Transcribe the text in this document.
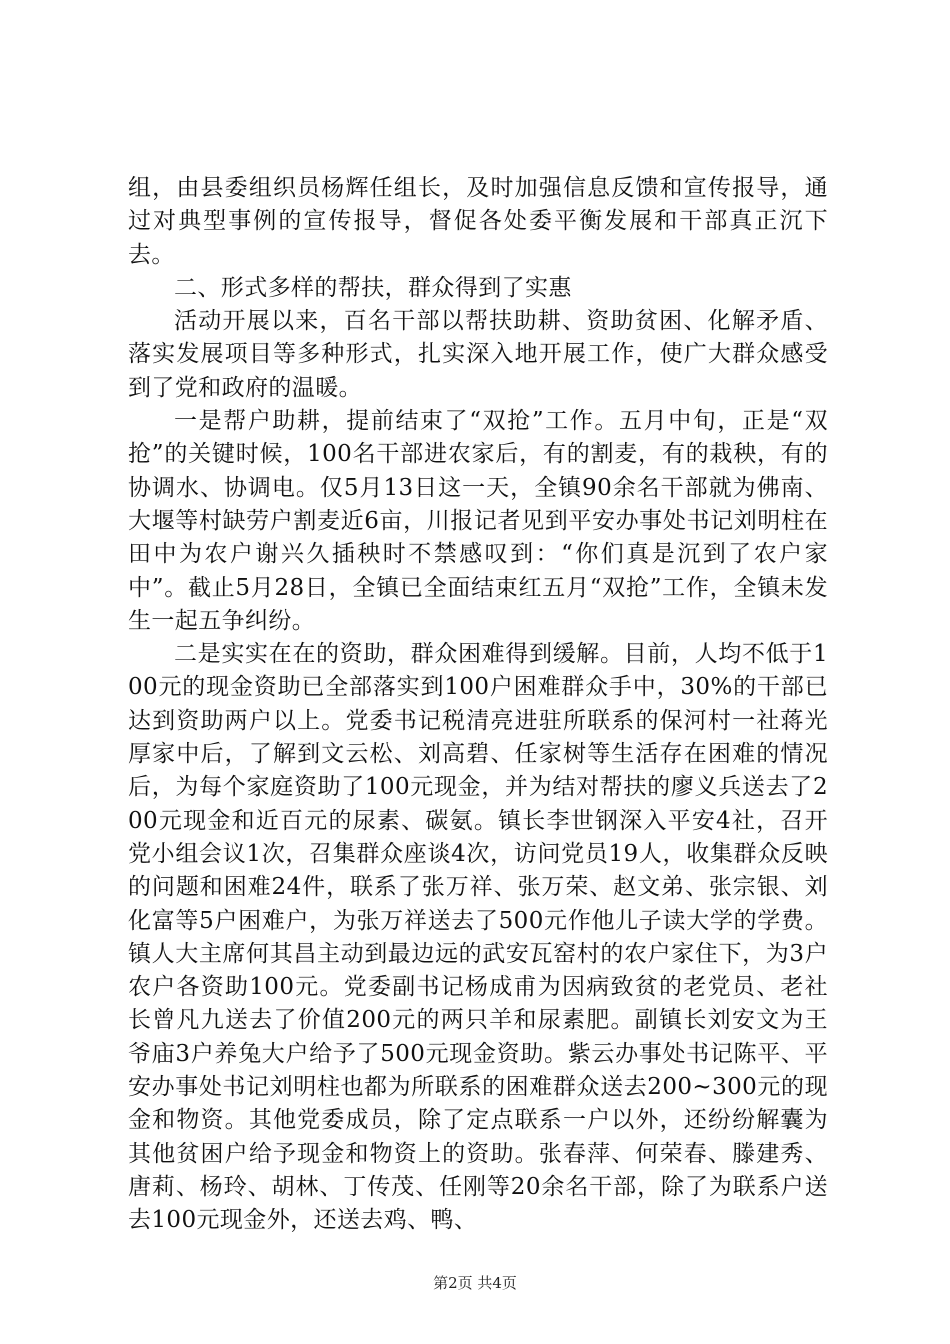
组，由县委组织员杨辉任组长，及时加强信息反馈和宣传报导，通过对典型事例的宣传报导，督促各处委平衡发展和干部真正沉下去。

二、形式多样的帮扶，群众得到了实惠

活动开展以来，百名干部以帮扶助耕、资助贫困、化解矛盾、落实发展项目等多种形式，扎实深入地开展工作，使广大群众感受到了党和政府的温暖。

一是帮户助耕，提前结束了“双抢”工作。五月中旬，正是“双抢”的关键时候，100名干部进农家后，有的割麦，有的栽秧，有的协调水、协调电。仅5月13日这一天，全镇90余名干部就为佛南、大堰等村缺劳户割麦近6亩，川报记者见到平安办事处书记刘明柱在田中为农户谢兴久插秧时不禁感叹到：“你们真是沉到了农户家中”。截止5月28日，全镇已全面结束红五月“双抢”工作，全镇未发生一起五争纠纷。

二是实实在在的资助，群众困难得到缓解。目前，人均不低于100元的现金资助已全部落实到100户困难群众手中，30%的干部已达到资助两户以上。党委书记税清亮进驻所联系的保河村一社蒋光厚家中后，了解到文云松、刘高碧、任家树等生活存在困难的情况后，为每个家庭资助了100元现金，并为结对帮扶的廖义兵送去了200元现金和近百元的尿素、碳氨。镇长李世钢深入平安4社，召开党小组会议1次，召集群众座谈4次，访问党员19人，收集群众反映的问题和困难24件，联系了张万祥、张万荣、赵文弟、张宗银、刘化富等5户困难户，为张万祥送去了500元作他儿子读大学的学费。镇人大主席何其昌主动到最边远的武安瓦窑村的农户家住下，为3户农户各资助100元。党委副书记杨成甫为因病致贫的老党员、老社长曾凡九送去了价值200元的两只羊和尿素肥。副镇长刘安文为王爷庙3户养兔大户给予了500元现金资助。紫云办事处书记陈平、平安办事处书记刘明柱也都为所联系的困难群众送去200~300元的现金和物资。其他党委成员，除了定点联系一户以外，还纷纷解囊为其他贫困户给予现金和物资上的资助。张春萍、何荣春、滕建秀、唐莉、杨玲、胡林、丁传茂、任刚等20余名干部，除了为联系户送去100元现金外，还送去鸡、鸭、

第2页 共4页
